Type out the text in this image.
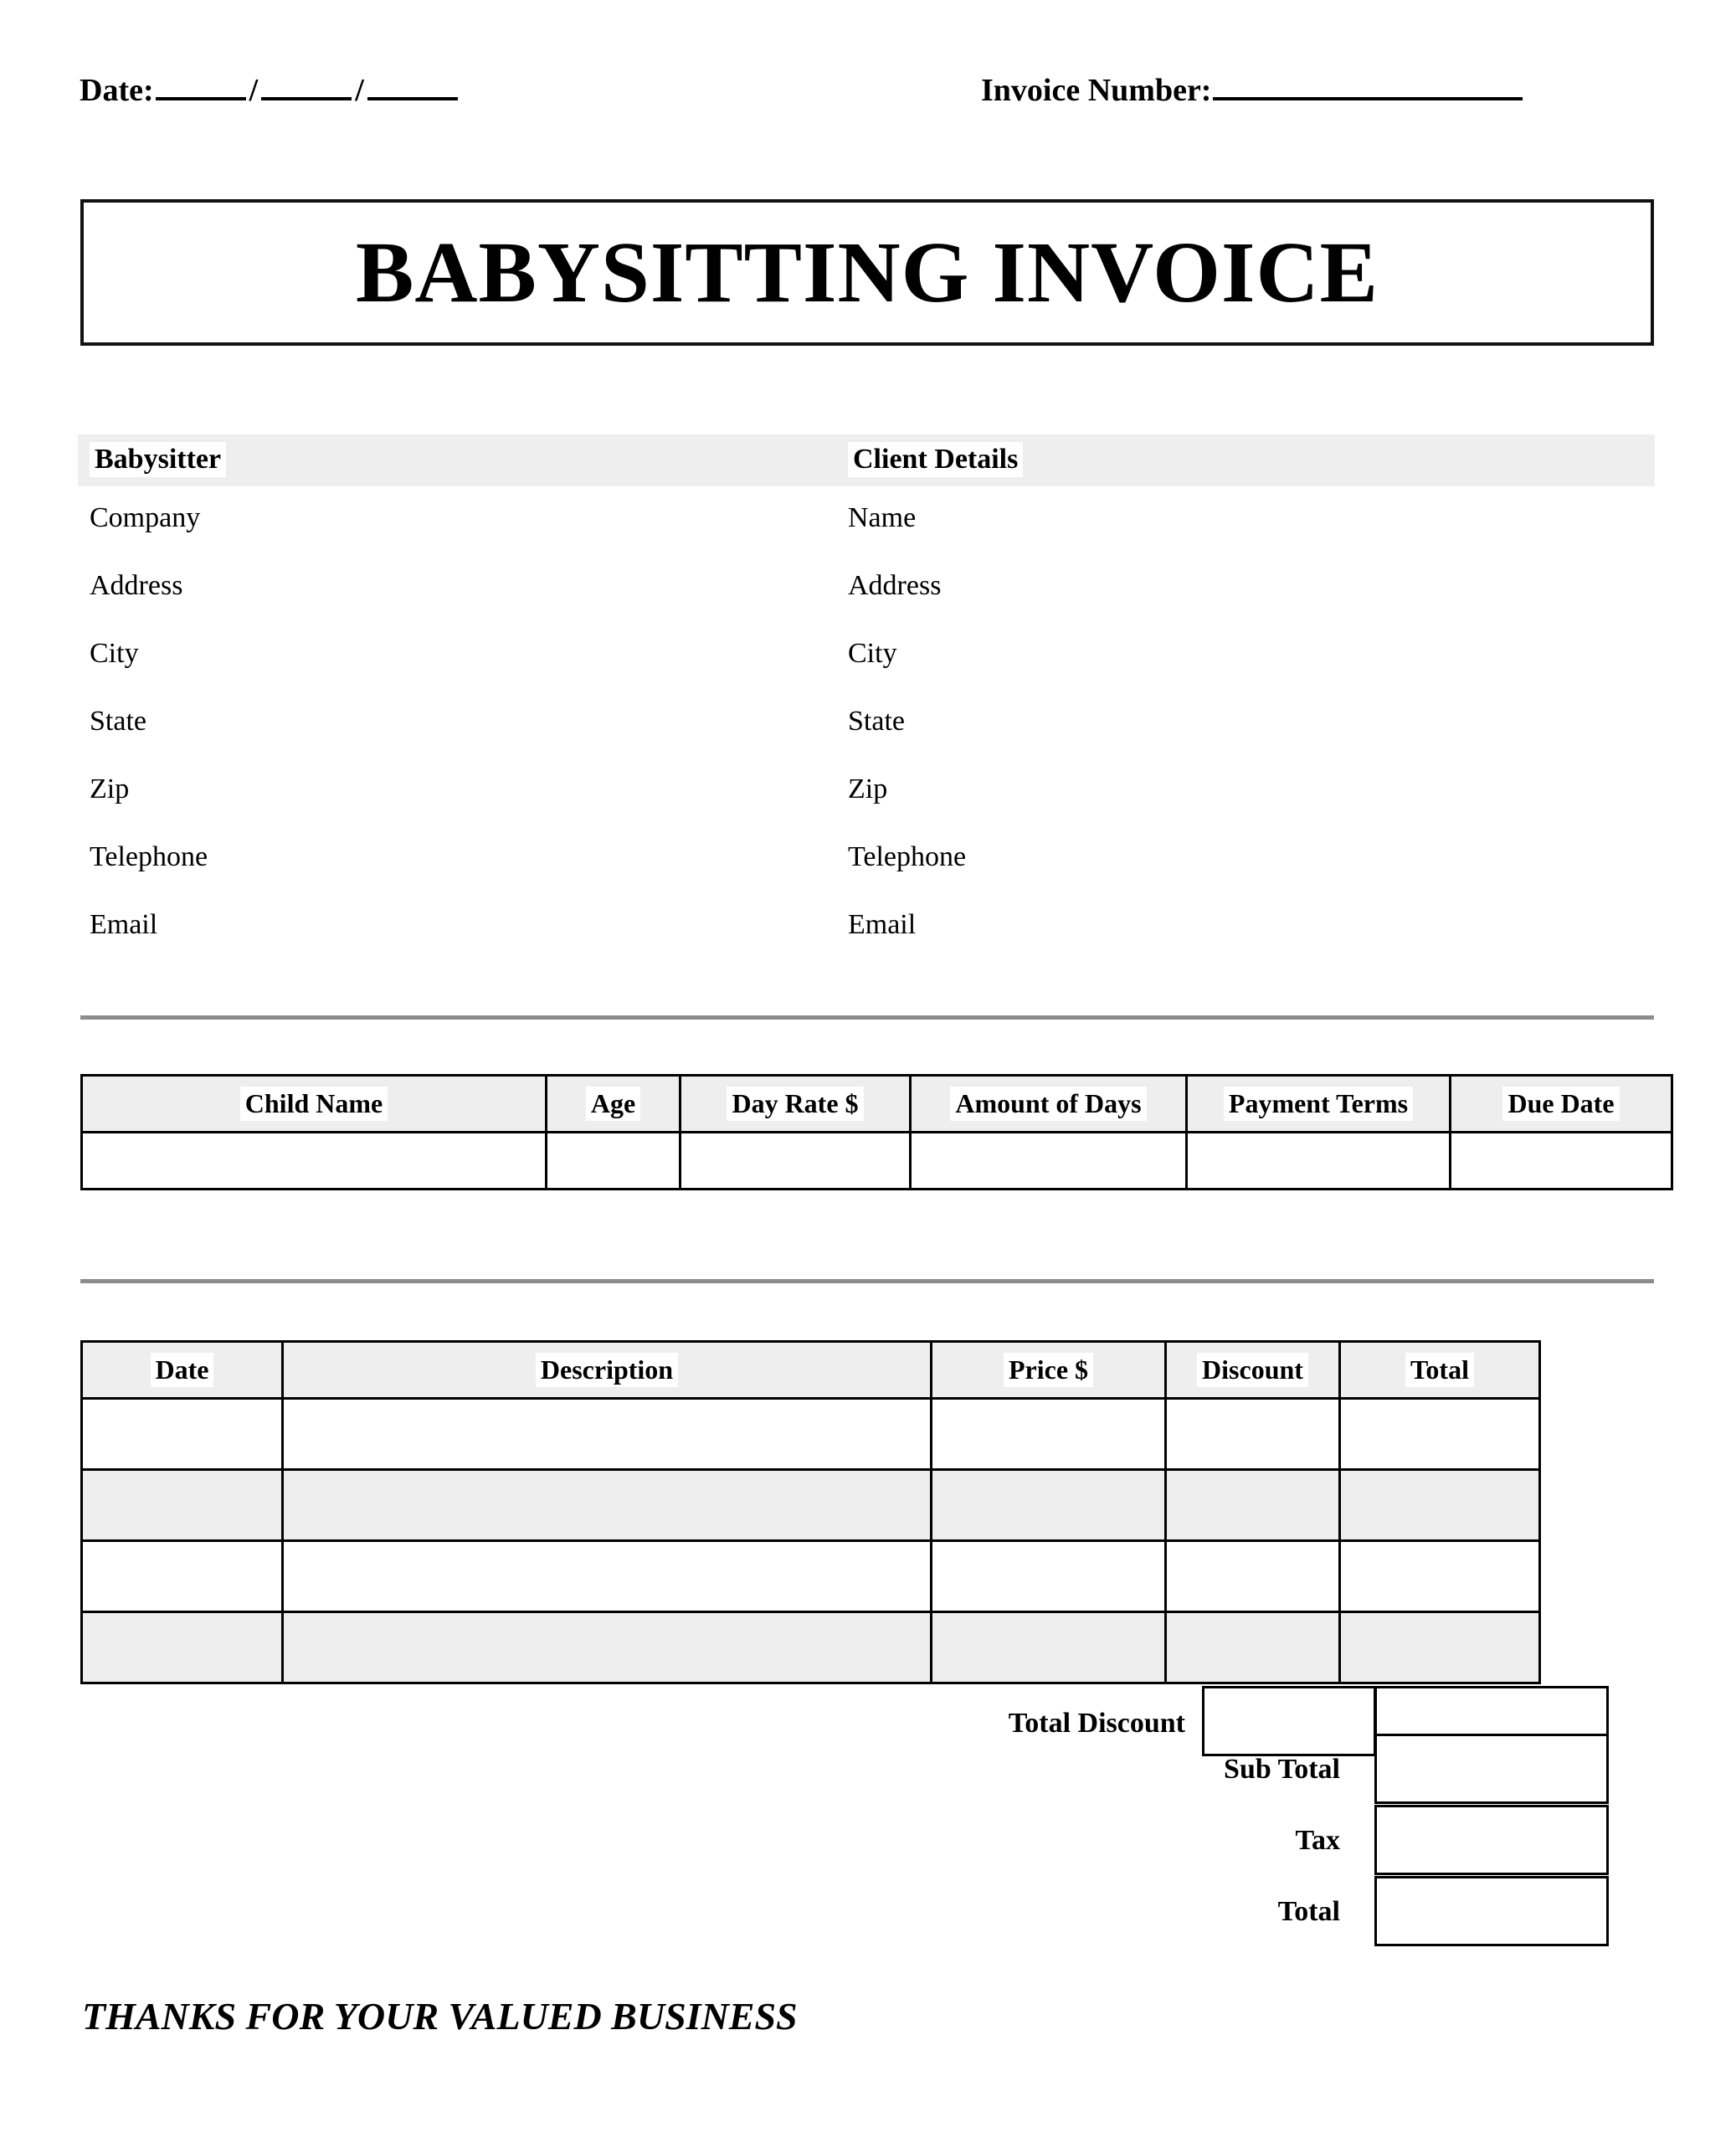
Date:	/	/	Invoice Number:
BABYSITTING INVOICE
Babysitter	Client Details
Company	Name
Address	Address
City	City
State	State
Zip	Zip
Telephone	Telephone
Email	Email
Child Name	Age	Day Rate $	Amount of Days	Payment Terms	Due Date

Date	Description	Price $	Discount	Total

Total Discount
Sub Total
Tax
Total
THANKS FOR YOUR VALUED BUSINESS
